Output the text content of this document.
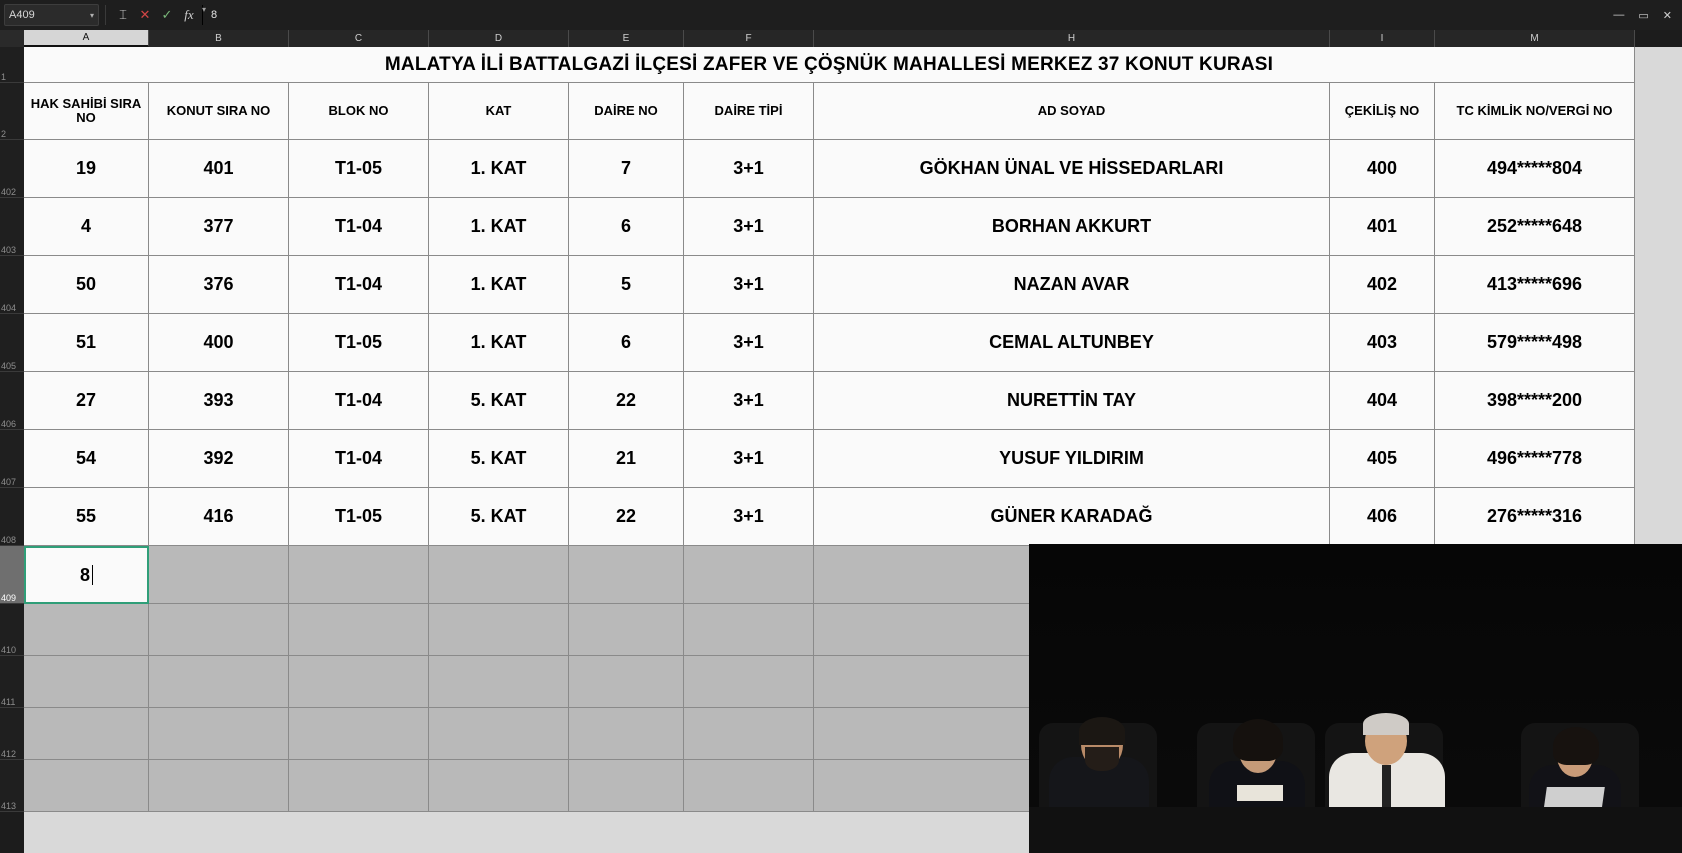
A409	▾	⌶ ✕ ✓ fx	▾ 8	— ▭ ✕
A	B	C	D	E	F	H	I	M
1
2
402
403
404
405
406
407
408
409
410
411
412
413
MALATYA İLİ BATTALGAZİ İLÇESİ ZAFER VE ÇÖŞNÜK MAHALLESİ MERKEZ 37 KONUT KURASI
HAK SAHİBİ SIRA NO	KONUT SIRA NO	BLOK NO	KAT	DAİRE NO	DAİRE TİPİ	AD SOYAD	ÇEKİLİŞ NO	TC KİMLİK NO/VERGİ NO
19	401	T1-05	1. KAT	7	3+1	GÖKHAN ÜNAL VE HİSSEDARLARI	400	494*****804
4	377	T1-04	1. KAT	6	3+1	BORHAN AKKURT	401	252*****648
50	376	T1-04	1. KAT	5	3+1	NAZAN AVAR	402	413*****696
51	400	T1-05	1. KAT	6	3+1	CEMAL ALTUNBEY	403	579*****498
27	393	T1-04	5. KAT	22	3+1	NURETTİN TAY	404	398*****200
54	392	T1-04	5. KAT	21	3+1	YUSUF YILDIRIM	405	496*****778
55	416	T1-05	5. KAT	22	3+1	GÜNER KARADAĞ	406	276*****316
8
